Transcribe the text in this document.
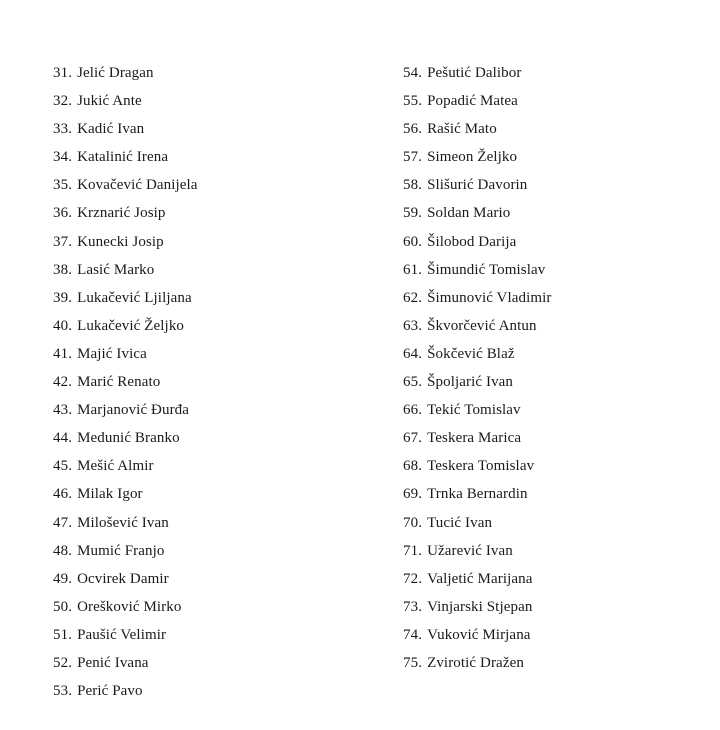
31. Jelić Dragan
32. Jukić Ante
33. Kadić Ivan
34. Katalinić Irena
35. Kovačević Danijela
36. Krznarić Josip
37. Kunecki Josip
38. Lasić Marko
39. Lukačević Ljiljana
40. Lukačević Željko
41. Majić Ivica
42. Marić Renato
43. Marjanović Đurđa
44. Medunić Branko
45. Mešić Almir
46. Milak Igor
47. Milošević Ivan
48. Mumić Franjo
49. Ocvirek Damir
50. Orešković Mirko
51. Paušić Velimir
52. Penić Ivana
53. Perić Pavo
54. Pešutić Dalibor
55. Popadić Matea
56. Rašić Mato
57. Simeon Željko
58. Slišurić Davorin
59. Soldan Mario
60. Šilobod Darija
61. Šimundić Tomislav
62. Šimunović Vladimir
63. Škvorčević Antun
64. Šokčević Blaž
65. Špoljarić Ivan
66. Tekić Tomislav
67. Teskera Marica
68. Teskera Tomislav
69. Trnka Bernardin
70. Tucić Ivan
71. Užarević Ivan
72. Valjetić Marijana
73. Vinjarski Stjepan
74. Vuković Mirjana
75. Zvirotić Dražen
